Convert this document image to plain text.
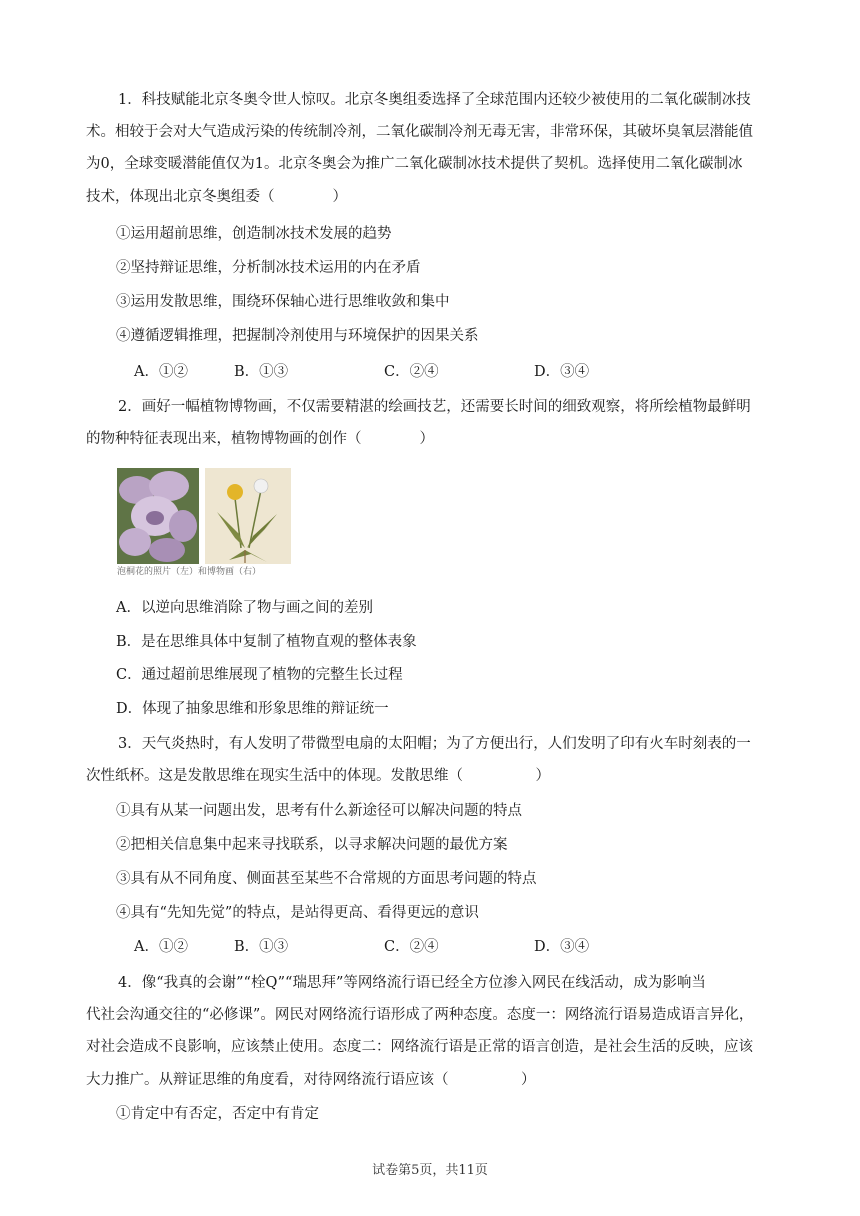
1．科技赋能北京冬奥令世人惊叹。北京冬奥组委选择了全球范围内还较少被使用的二氧化碳制冰技
术。相较于会对大气造成污染的传统制冷剂，二氧化碳制冷剂无毒无害，非常环保，其破坏臭氧层潜能值
为0，全球变暖潜能值仅为1。北京冬奥会为推广二氧化碳制冰技术提供了契机。选择使用二氧化碳制冰
技术，体现出北京冬奥组委（　　　　）
①运用超前思维，创造制冰技术发展的趋势
②坚持辩证思维，分析制冰技术运用的内在矛盾
③运用发散思维，围绕环保轴心进行思维收敛和集中
④遵循逻辑推理，把握制冷剂使用与环境保护的因果关系
A．①②	B．①③	C．②④	D．③④
2．画好一幅植物博物画，不仅需要精湛的绘画技艺，还需要长时间的细致观察，将所绘植物最鲜明
的物种特征表现出来，植物博物画的创作（　　　　）
泡桐花的照片（左）和博物画（右）
A．以逆向思维消除了物与画之间的差别
B．是在思维具体中复制了植物直观的整体表象
C．通过超前思维展现了植物的完整生长过程
D．体现了抽象思维和形象思维的辩证统一
3．天气炎热时，有人发明了带微型电扇的太阳帽；为了方便出行，人们发明了印有火车时刻表的一
次性纸杯。这是发散思维在现实生活中的体现。发散思维（　　　　　）
①具有从某一问题出发，思考有什么新途径可以解决问题的特点
②把相关信息集中起来寻找联系，以寻求解决问题的最优方案
③具有从不同角度、侧面甚至某些不合常规的方面思考问题的特点
④具有“先知先觉”的特点，是站得更高、看得更远的意识
A．①②	B．①③	C．②④	D．③④
4．像“我真的会谢”“栓Q”“瑞思拜”等网络流行语已经全方位渗入网民在线活动，成为影响当
代社会沟通交往的“必修课”。网民对网络流行语形成了两种态度。态度一：网络流行语易造成语言异化，
对社会造成不良影响，应该禁止使用。态度二：网络流行语是正常的语言创造，是社会生活的反映，应该
大力推广。从辩证思维的角度看，对待网络流行语应该（　　　　　）
①肯定中有否定，否定中有肯定
试卷第5页，共11页
